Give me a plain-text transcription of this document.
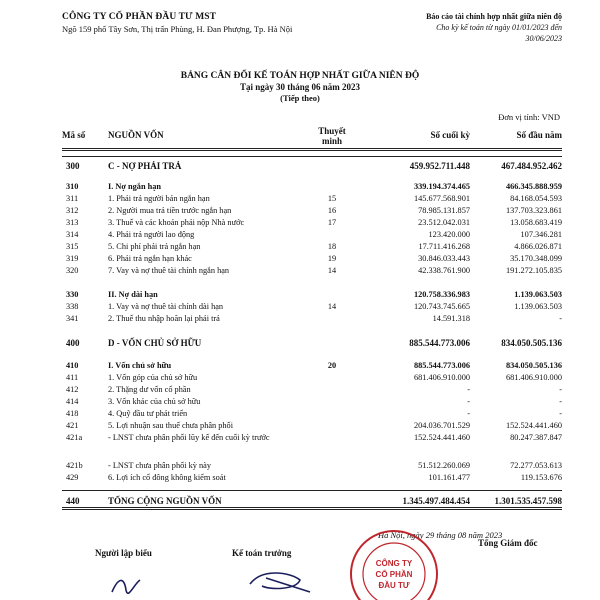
CÔNG TY CỔ PHẦN ĐẦU TƯ MST
Ngõ 159 phố Tây Sơn, Thị trấn Phùng, H. Đan Phượng, Tp. Hà Nội
Báo cáo tài chính hợp nhất giữa niên độ
Cho kỳ kế toán từ ngày 01/01/2023 đến
30/06/2023
BẢNG CÂN ĐỐI KẾ TOÁN HỢP NHẤT GIỮA NIÊN ĐỘ
Tại ngày 30 tháng 06 năm 2023
(Tiếp theo)
Đơn vị tính: VND
Mã số	NGUỒN VỐN	Thuyết
minh
Số cuối kỳ	Số đầu năm
300	C - NỢ PHẢI TRẢ	459.952.711.448	467.484.952.462
310	I. Nợ ngắn hạn	339.194.374.465	466.345.888.959
311	1. Phải trả người bán ngắn hạn	15	145.677.568.901	84.168.054.593
312	2. Người mua trả tiền trước ngắn hạn	16	78.985.131.857	137.703.323.861
313	3. Thuế và các khoản phải nộp Nhà nước	17	23.512.042.031	13.058.683.419
314	4. Phải trả người lao động	123.420.000	107.346.281
315	5. Chi phí phải trả ngắn hạn	18	17.711.416.268	4.866.026.871
319	6. Phải trả ngắn hạn khác	19	30.846.033.443	35.170.348.099
320	7. Vay và nợ thuê tài chính ngắn hạn	14	42.338.761.900	191.272.105.835
330	II. Nợ dài hạn	120.758.336.983	1.139.063.503
338	1. Vay và nợ thuê tài chính dài hạn	14	120.743.745.665	1.139.063.503
341	2. Thuế thu nhập hoãn lại phải trả	14.591.318	-
400	D - VỐN CHỦ SỞ HỮU	885.544.773.006	834.050.505.136
410	I. Vốn chủ sở hữu	20	885.544.773.006	834.050.505.136
411	1. Vốn góp của chủ sở hữu	681.406.910.000	681.406.910.000
412	2. Thặng dư vốn cổ phần	-	-
414	3. Vốn khác của chủ sở hữu	-	-
418	4. Quỹ đầu tư phát triển	-	-
421	5. Lợi nhuận sau thuế chưa phân phối	204.036.701.529	152.524.441.460
421a	- LNST chưa phân phối lũy kế đến cuối kỳ trước	152.524.441.460	80.247.387.847
421b	- LNST chưa phân phối kỳ này	51.512.260.069	72.277.053.613
429	6. Lợi ích cổ đông không kiểm soát	101.161.477	119.153.676
440	TỔNG CỘNG NGUỒN VỐN	1.345.497.484.454	1.301.535.457.598
Hà Nội, ngày 29 tháng 08 năm 2023
Người lập biểu	Kế toán trưởng
Tổng Giám đốc
CÔNG TY
CỔ PHẦN
ĐẦU TƯ
